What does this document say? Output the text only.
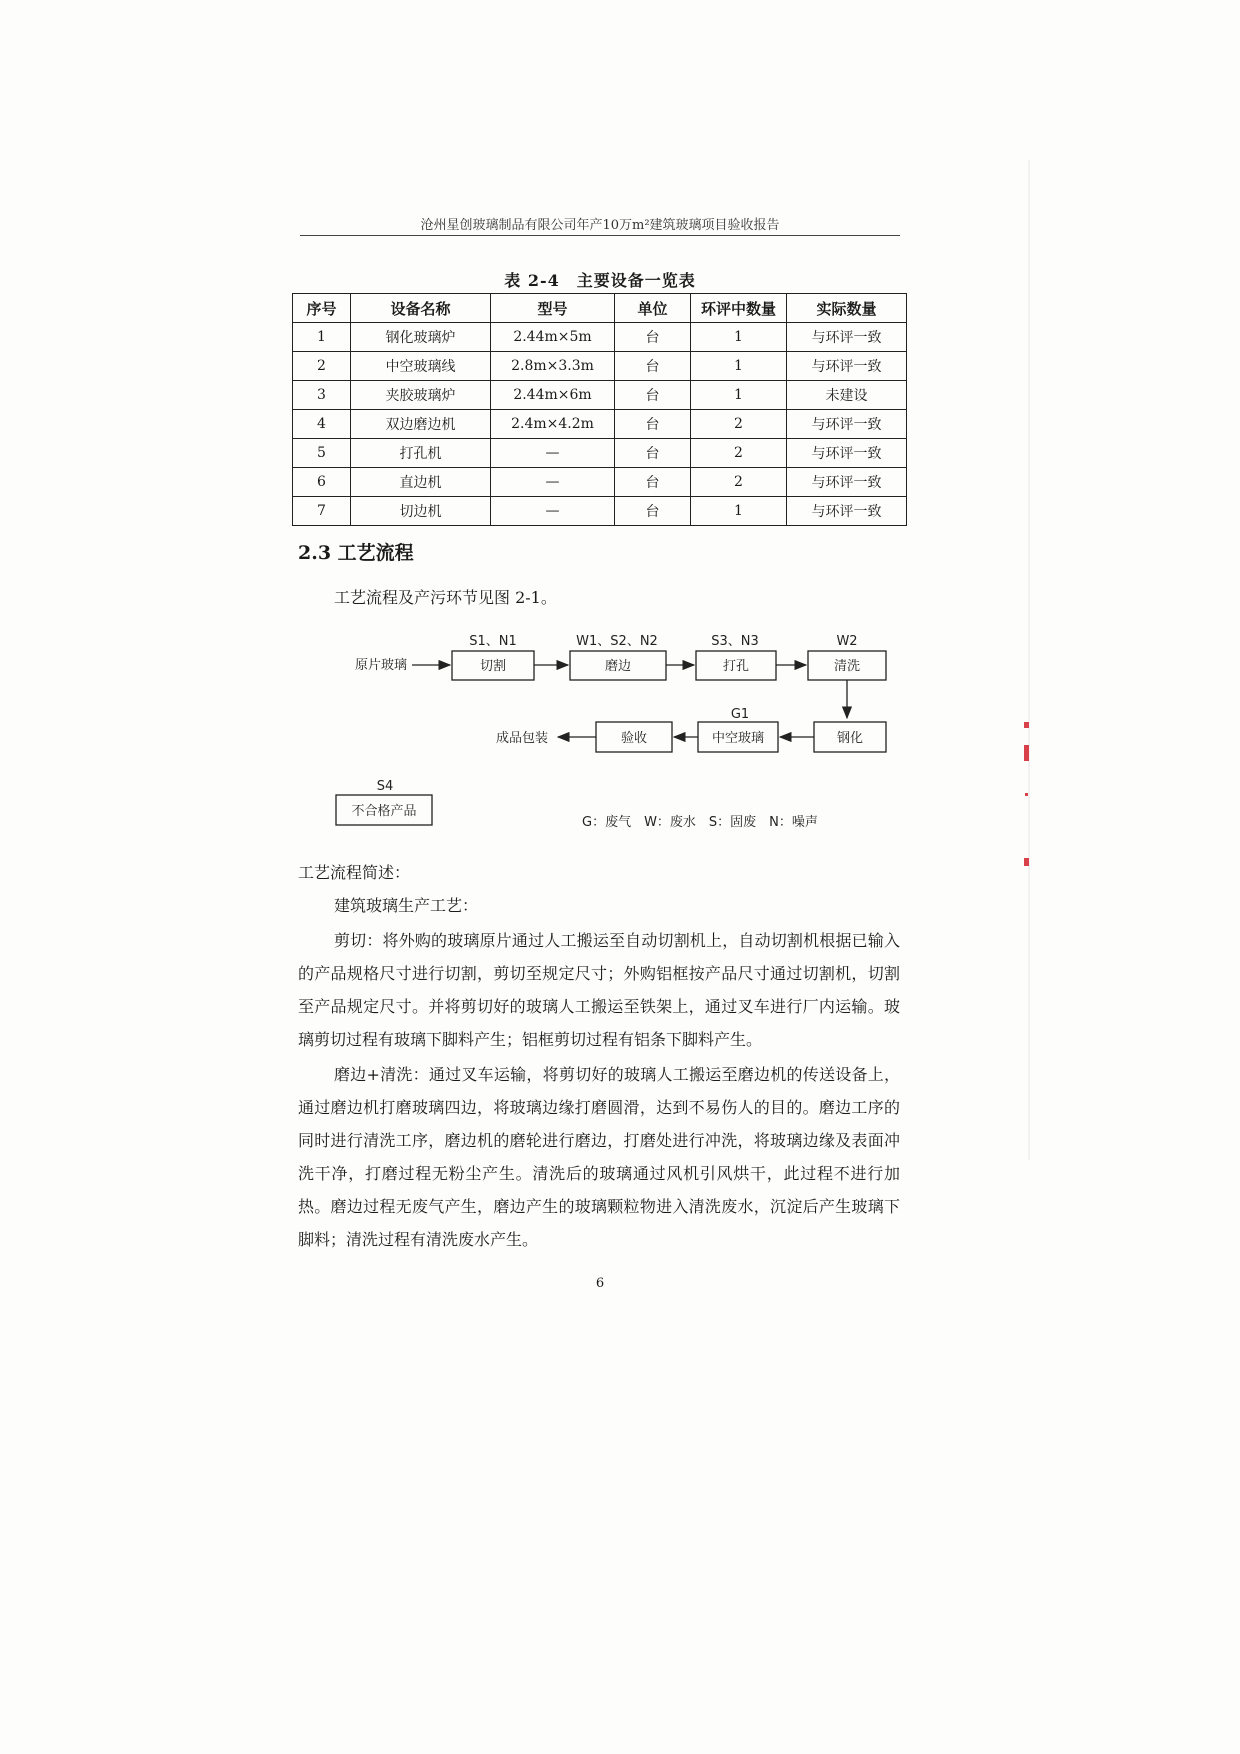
沧州星创玻璃制品有限公司年产10万m²建筑玻璃项目验收报告
表 2-4　主要设备一览表
序号	设备名称	型号	单位	环评中数量	实际数量
1	钢化玻璃炉	2.44m×5m	台	1	与环评一致
2	中空玻璃线	2.8m×3.3m	台	1	与环评一致
3	夹胶玻璃炉	2.44m×6m	台	1	未建设
4	双边磨边机	2.4m×4.2m	台	2	与环评一致
5	打孔机	—	台	2	与环评一致
6	直边机	—	台	2	与环评一致
7	切边机	—	台	1	与环评一致
2.3 工艺流程
工艺流程及产污环节见图 2-1。
S1、N1	W1、S2、N2	S3、N3	W2
G1
S4
原片玻璃	切割	磨边	打孔	清洗
钢化
中空玻璃
验收
成品包装
不合格产品
G：废气　W：废水　S：固废　N：噪声
工艺流程简述：
建筑玻璃生产工艺：

剪切：将外购的玻璃原片通过人工搬运至自动切割机上，自动切割机根据已输入的产品规格尺寸进行切割，剪切至规定尺寸；外购铝框按产品尺寸通过切割机，切割至产品规定尺寸。并将剪切好的玻璃人工搬运至铁架上，通过叉车进行厂内运输。玻璃剪切过程有玻璃下脚料产生；铝框剪切过程有铝条下脚料产生。

磨边+清洗：通过叉车运输，将剪切好的玻璃人工搬运至磨边机的传送设备上，通过磨边机打磨玻璃四边，将玻璃边缘打磨圆滑，达到不易伤人的目的。磨边工序的同时进行清洗工序，磨边机的磨轮进行磨边，打磨处进行冲洗，将玻璃边缘及表面冲洗干净，打磨过程无粉尘产生。清洗后的玻璃通过风机引风烘干，此过程不进行加热。磨边过程无废气产生，磨边产生的玻璃颗粒物进入清洗废水，沉淀后产生玻璃下脚料；清洗过程有清洗废水产生。

6
